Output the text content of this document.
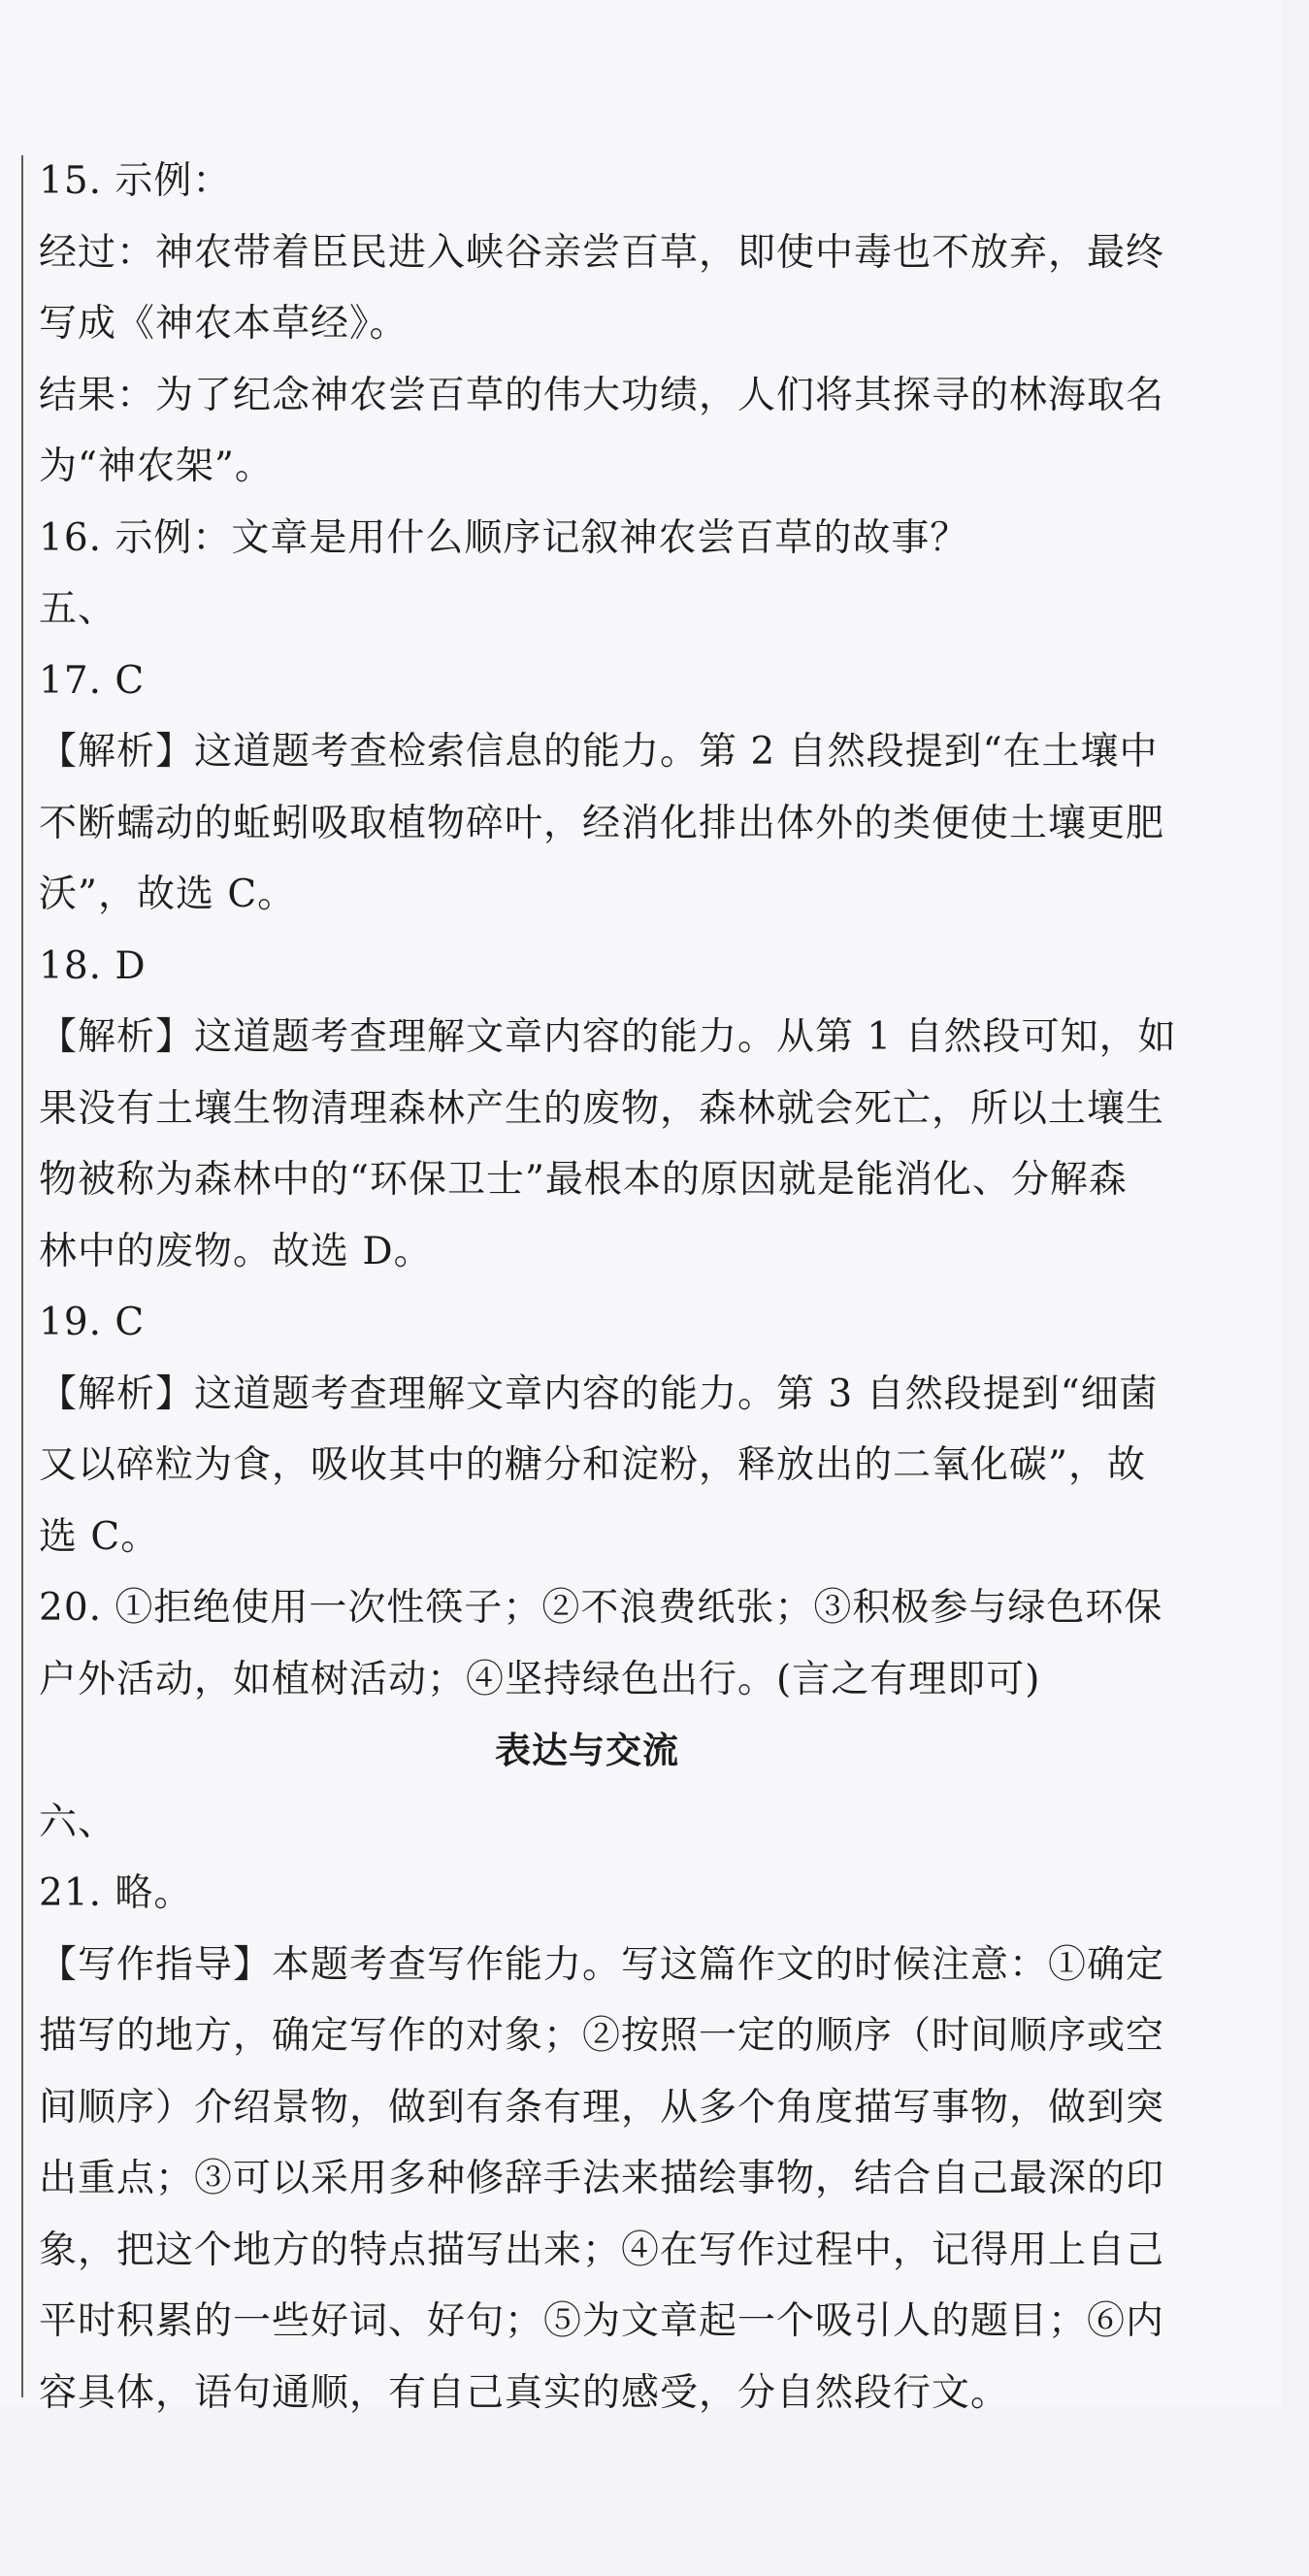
15. 示例：
经过：神农带着臣民进入峡谷亲尝百草，即使中毒也不放弃，最终
写成《神农本草经》。
结果：为了纪念神农尝百草的伟大功绩，人们将其探寻的林海取名
为“神农架”。
16. 示例：文章是用什么顺序记叙神农尝百草的故事？
五、
17. C
【解析】这道题考查检索信息的能力。第 2 自然段提到“在土壤中
不断蠕动的蚯蚓吸取植物碎叶，经消化排出体外的类便使土壤更肥
沃”，故选 C。
18. D
【解析】这道题考查理解文章内容的能力。从第 1 自然段可知，如
果没有土壤生物清理森林产生的废物，森林就会死亡，所以土壤生
物被称为森林中的“环保卫士”最根本的原因就是能消化、分解森
林中的废物。故选 D。
19. C
【解析】这道题考查理解文章内容的能力。第 3 自然段提到“细菌
又以碎粒为食，吸收其中的糖分和淀粉，释放出的二氧化碳”，故
选 C。
20. ①拒绝使用一次性筷子；②不浪费纸张；③积极参与绿色环保
户外活动，如植树活动；④坚持绿色出行。(言之有理即可)
表达与交流
六、
21. 略。
【写作指导】本题考查写作能力。写这篇作文的时候注意：①确定
描写的地方，确定写作的对象；②按照一定的顺序（时间顺序或空
间顺序）介绍景物，做到有条有理，从多个角度描写事物，做到突
出重点；③可以采用多种修辞手法来描绘事物，结合自己最深的印
象，把这个地方的特点描写出来；④在写作过程中，记得用上自己
平时积累的一些好词、好句；⑤为文章起一个吸引人的题目；⑥内
容具体，语句通顺，有自己真实的感受，分自然段行文。
